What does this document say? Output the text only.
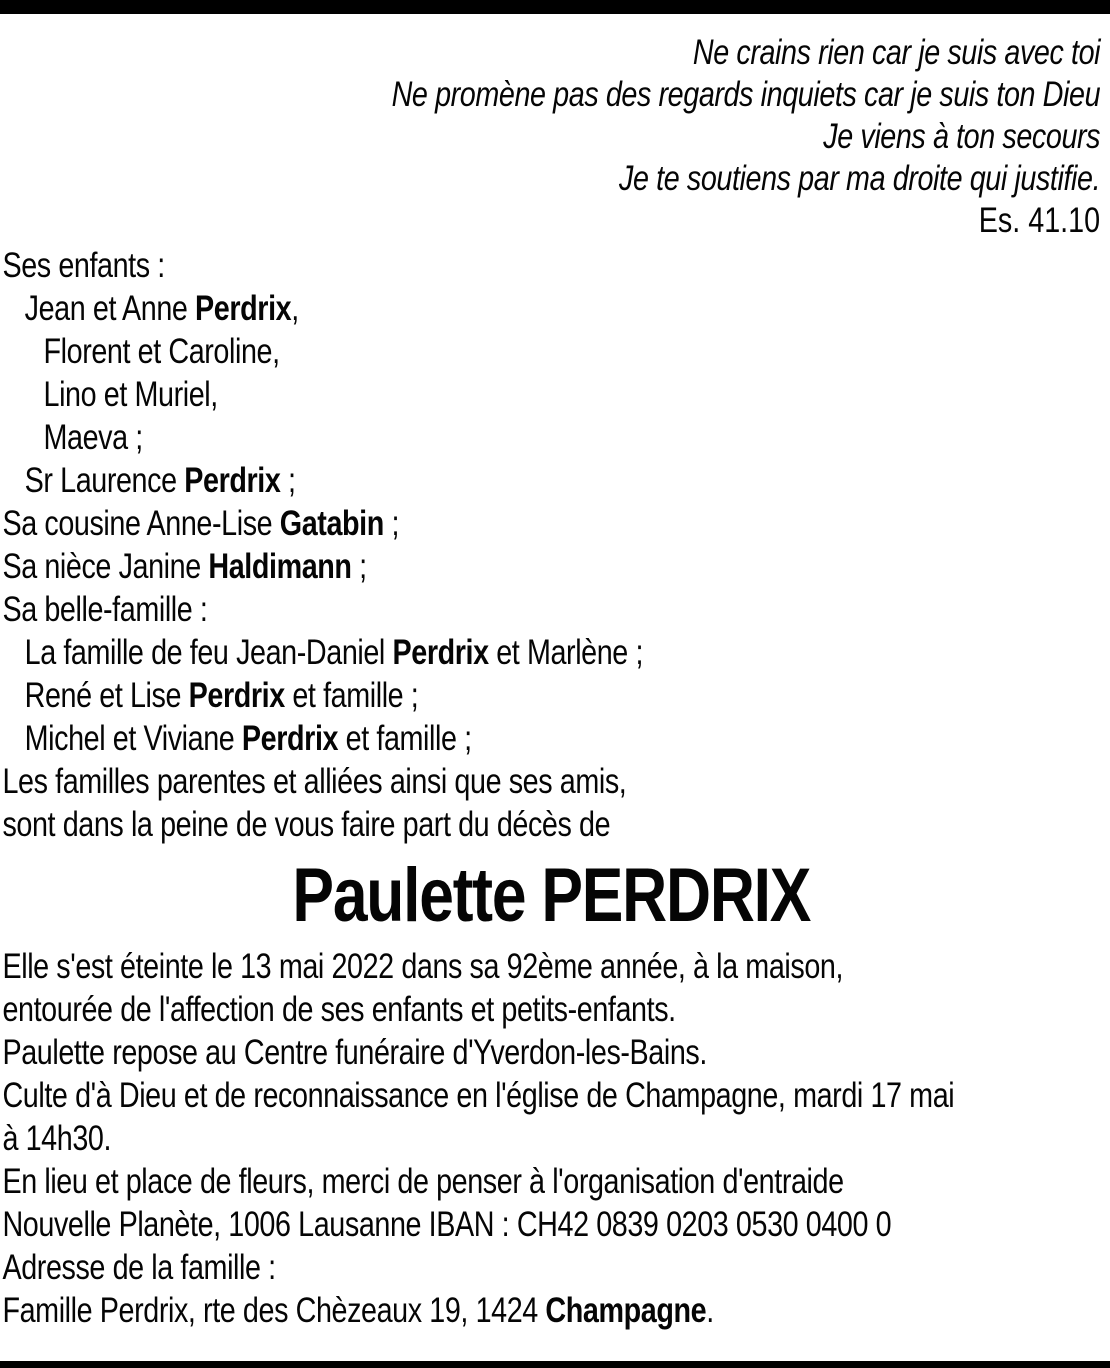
Ne crains rien car je suis avec toi
Ne promène pas des regards inquiets car je suis ton Dieu
Je viens à ton secours
Je te soutiens par ma droite qui justifie.
Es. 41.10
Ses enfants :
Jean et Anne Perdrix,
Florent et Caroline,
Lino et Muriel,
Maeva ;
Sr Laurence Perdrix ;
Sa cousine Anne-Lise Gatabin ;
Sa nièce Janine Haldimann ;
Sa belle-famille :
La famille de feu Jean-Daniel Perdrix et Marlène ;
René et Lise Perdrix et famille ;
Michel et Viviane Perdrix et famille ;
Les familles parentes et alliées ainsi que ses amis,
sont dans la peine de vous faire part du décès de
Paulette PERDRIX
Elle s'est éteinte le 13 mai 2022 dans sa 92ème année, à la maison,
entourée de l'affection de ses enfants et petits-enfants.
Paulette repose au Centre funéraire d'Yverdon-les-Bains.
Culte d'à Dieu et de reconnaissance en l'église de Champagne, mardi 17 mai
à 14h30.
En lieu et place de fleurs, merci de penser à l'organisation d'entraide
Nouvelle Planète, 1006 Lausanne IBAN : CH42 0839 0203 0530 0400 0
Adresse de la famille :
Famille Perdrix, rte des Chèzeaux 19, 1424 Champagne.
